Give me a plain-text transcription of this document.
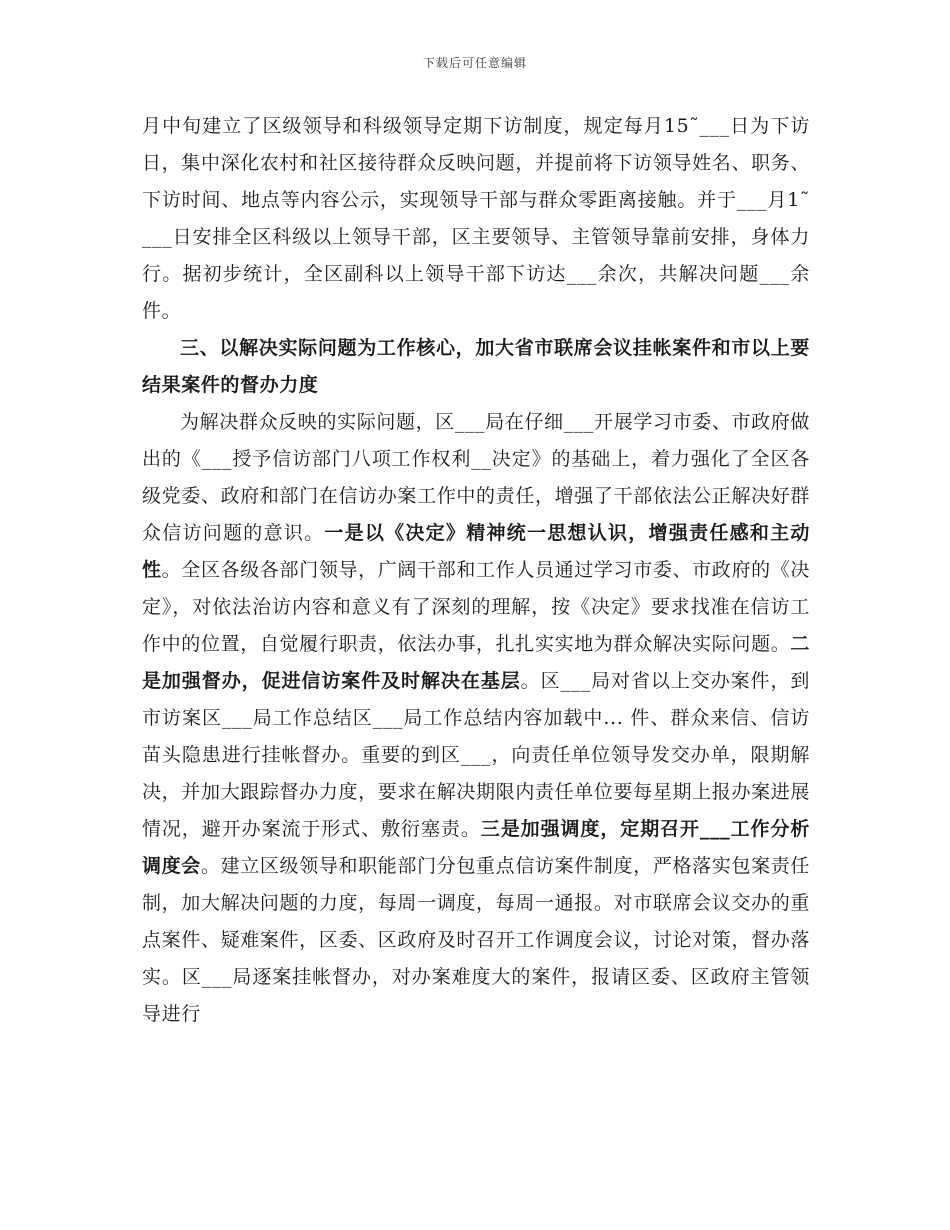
下载后可任意编辑

月中旬建立了区级领导和科级领导定期下访制度，规定每月15˜___日为下访日，集中深化农村和社区接待群众反映问题，并提前将下访领导姓名、职务、下访时间、地点等内容公示，实现领导干部与群众零距离接触。并于___月1˜___日安排全区科级以上领导干部，区主要领导、主管领导靠前安排，身体力行。据初步统计，全区副科以上领导干部下访达___余次，共解决问题___余件。

三、以解决实际问题为工作核心，加大省市联席会议挂帐案件和市以上要结果案件的督办力度

为解决群众反映的实际问题，区___局在仔细___开展学习市委、市政府做出的《___授予信访部门八项工作权利__决定》的基础上，着力强化了全区各级党委、政府和部门在信访办案工作中的责任，增强了干部依法公正解决好群众信访问题的意识。一是以《决定》精神统一思想认识，增强责任感和主动性。全区各级各部门领导，广阔干部和工作人员通过学习市委、市政府的《决定》，对依法治访内容和意义有了深刻的理解，按《决定》要求找准在信访工作中的位置，自觉履行职责，依法办事，扎扎实实地为群众解决实际问题。二是加强督办，促进信访案件及时解决在基层。区___局对省以上交办案件，到市访案区___局工作总结区___局工作总结内容加载中... 件、群众来信、信访苗头隐患进行挂帐督办。重要的到区___，向责任单位领导发交办单，限期解决，并加大跟踪督办力度，要求在解决期限内责任单位要每星期上报办案进展情况，避开办案流于形式、敷衍塞责。三是加强调度，定期召开___工作分析调度会。建立区级领导和职能部门分包重点信访案件制度，严格落实包案责任制，加大解决问题的力度，每周一调度，每周一通报。对市联席会议交办的重点案件、疑难案件，区委、区政府及时召开工作调度会议，讨论对策，督办落实。区___局逐案挂帐督办，对办案难度大的案件，报请区委、区政府主管领导进行
